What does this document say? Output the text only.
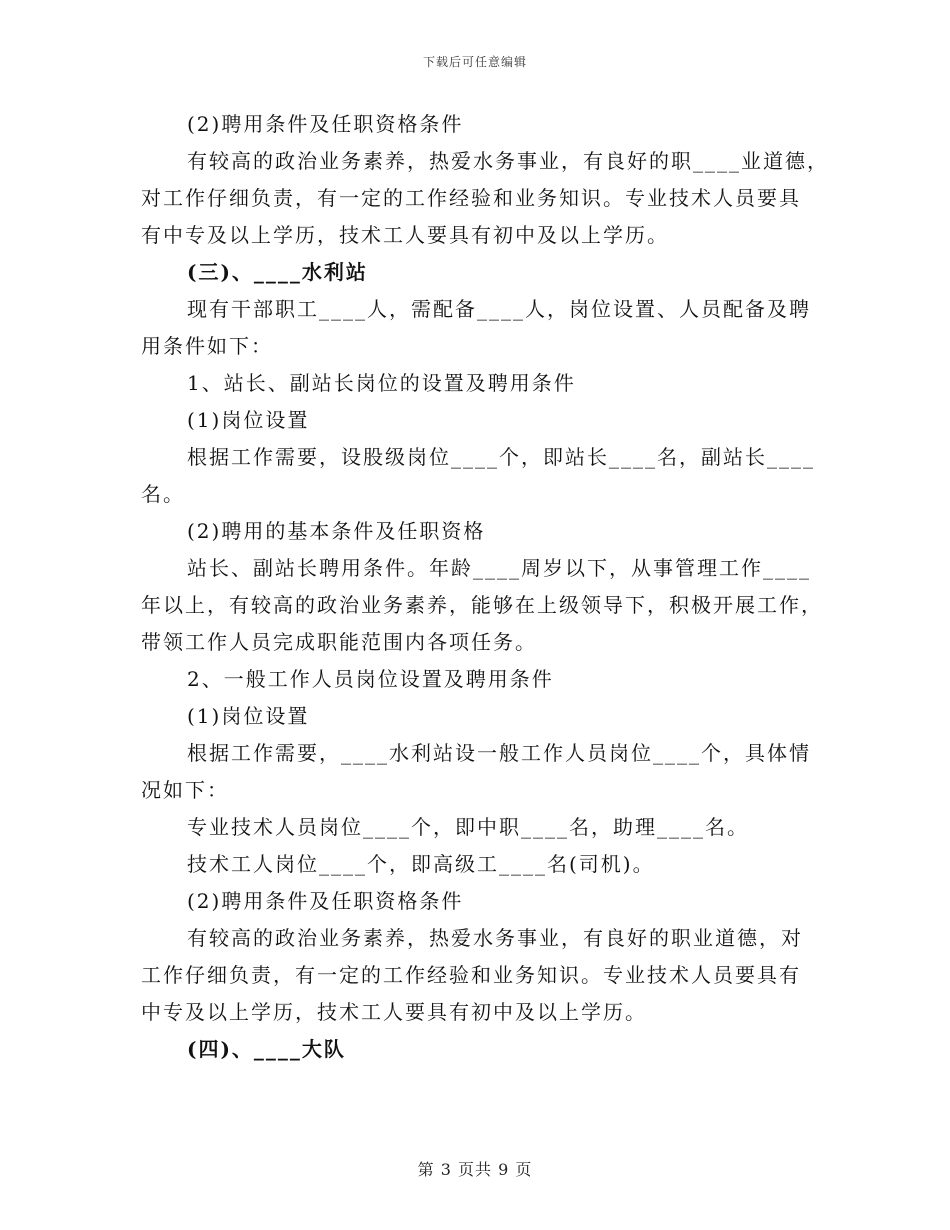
下载后可任意编辑

(2)聘用条件及任职资格条件

有较高的政治业务素养，热爱水务事业，有良好的职____业道德，

对工作仔细负责，有一定的工作经验和业务知识。专业技术人员要具

有中专及以上学历，技术工人要具有初中及以上学历。

(三)、____水利站

现有干部职工____人，需配备____人，岗位设置、人员配备及聘

用条件如下：

1、站长、副站长岗位的设置及聘用条件

(1)岗位设置

根据工作需要，设股级岗位____个，即站长____名，副站长____

名。

(2)聘用的基本条件及任职资格

站长、副站长聘用条件。年龄____周岁以下，从事管理工作____

年以上，有较高的政治业务素养，能够在上级领导下，积极开展工作，

带领工作人员完成职能范围内各项任务。

2、一般工作人员岗位设置及聘用条件

(1)岗位设置

根据工作需要，____水利站设一般工作人员岗位____个，具体情

况如下：

专业技术人员岗位____个，即中职____名，助理____名。

技术工人岗位____个，即高级工____名(司机)。

(2)聘用条件及任职资格条件

有较高的政治业务素养，热爱水务事业，有良好的职业道德，对

工作仔细负责，有一定的工作经验和业务知识。专业技术人员要具有

中专及以上学历，技术工人要具有初中及以上学历。

(四)、____大队

第 3 页共 9 页
